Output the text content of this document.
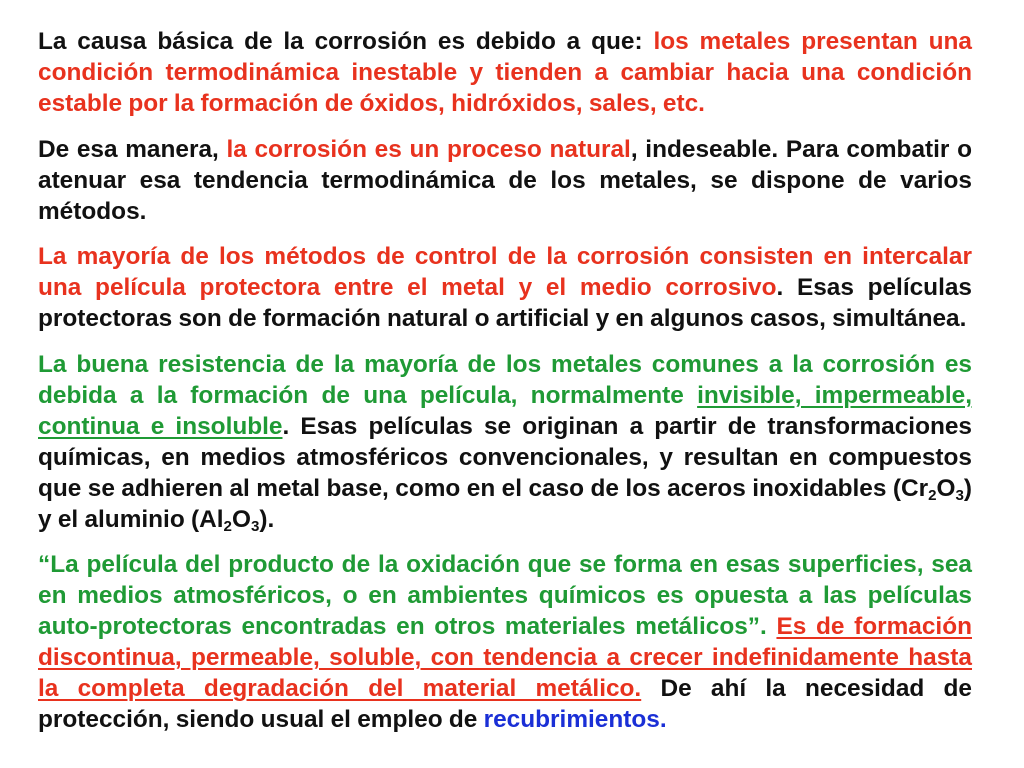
La causa básica de la corrosión es debido a que: los metales presentan una condición termodinámica inestable y tienden a cambiar hacia una condición estable por la formación de óxidos, hidróxidos, sales, etc.

De esa manera, la corrosión es un proceso natural, indeseable. Para combatir o atenuar esa tendencia termodinámica de los metales, se dispone de varios métodos.

La mayoría de los métodos de control de la corrosión consisten en intercalar una película protectora entre el metal y el medio corrosivo. Esas películas protectoras son de formación natural o artificial y en algunos casos, simultánea.

La buena resistencia de la mayoría de los metales comunes a la corrosión es debida a la formación de una película, normalmente invisible, impermeable, continua e insoluble. Esas películas se originan a partir de transformaciones químicas, en medios atmosféricos convencionales, y resultan en compuestos que se adhieren al metal base, como en el caso de los aceros inoxidables $(Cr_2O_3)$ y el aluminio $(Al_2O_3)$.

“La película del producto de la oxidación que se forma en esas superficies, sea en medios atmosféricos, o en ambientes químicos es opuesta a las películas auto-protectoras encontradas en otros materiales metálicos”. Es de formación discontinua, permeable, soluble, con tendencia a crecer indefinidamente hasta la completa degradación del material metálico. De ahí la necesidad de protección, siendo usual el empleo de recubrimientos.
